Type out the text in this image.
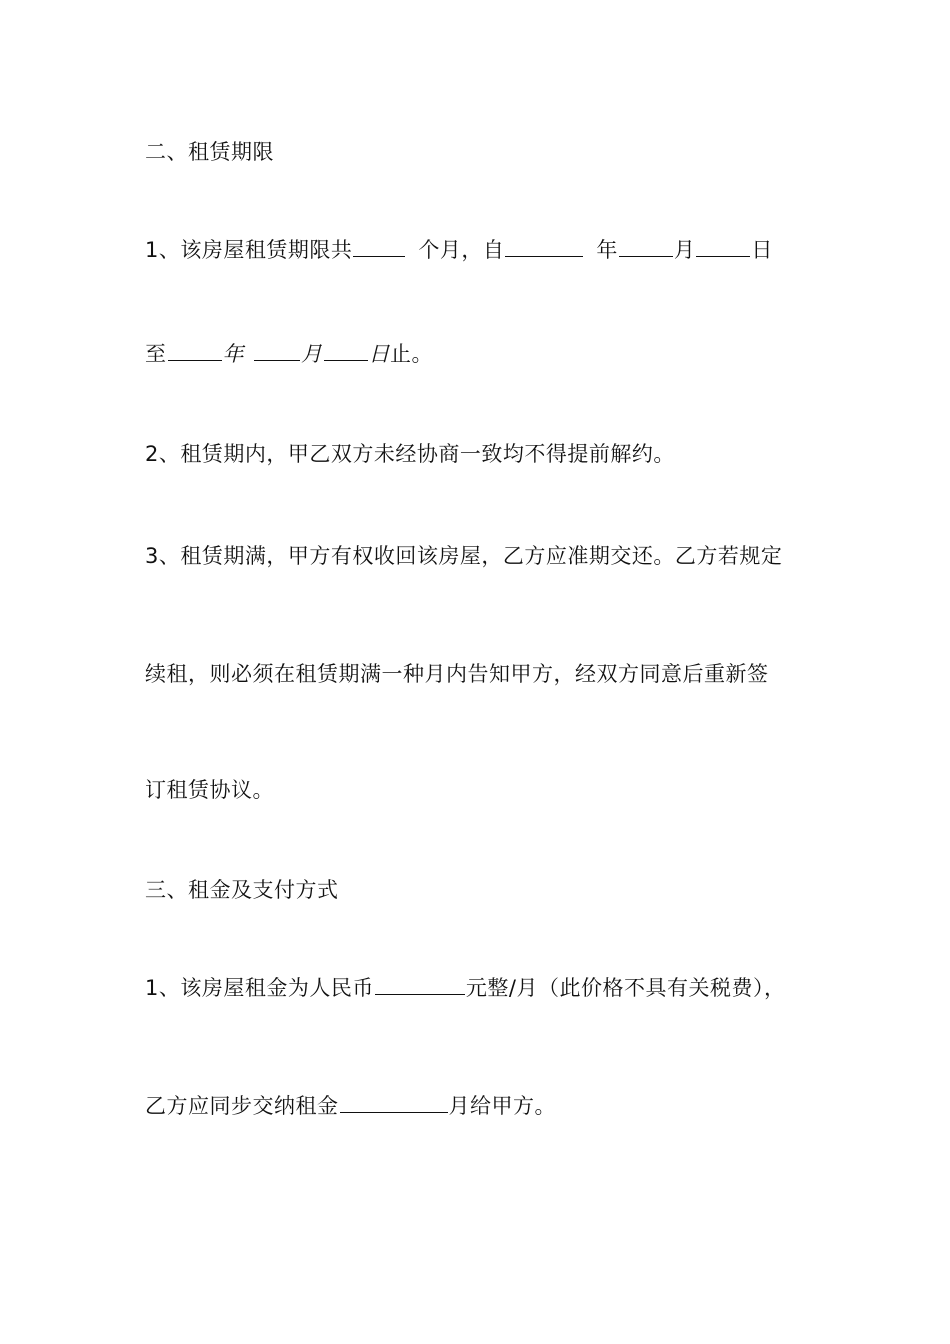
二、租赁期限
1、该房屋租赁期限共	个月，自	年	月	日
至	年	月 日止。
2、租赁期内，甲乙双方未经协商一致均不得提前解约。
3、租赁期满，甲方有权收回该房屋，乙方应准期交还。乙方若规定
续租，则必须在租赁期满一种月内告知甲方，经双方同意后重新签
订租赁协议。
三、租金及支付方式
1、该房屋租金为人民币	元整/月（此价格不具有关税费），
乙方应同步交纳租金	月给甲方。
